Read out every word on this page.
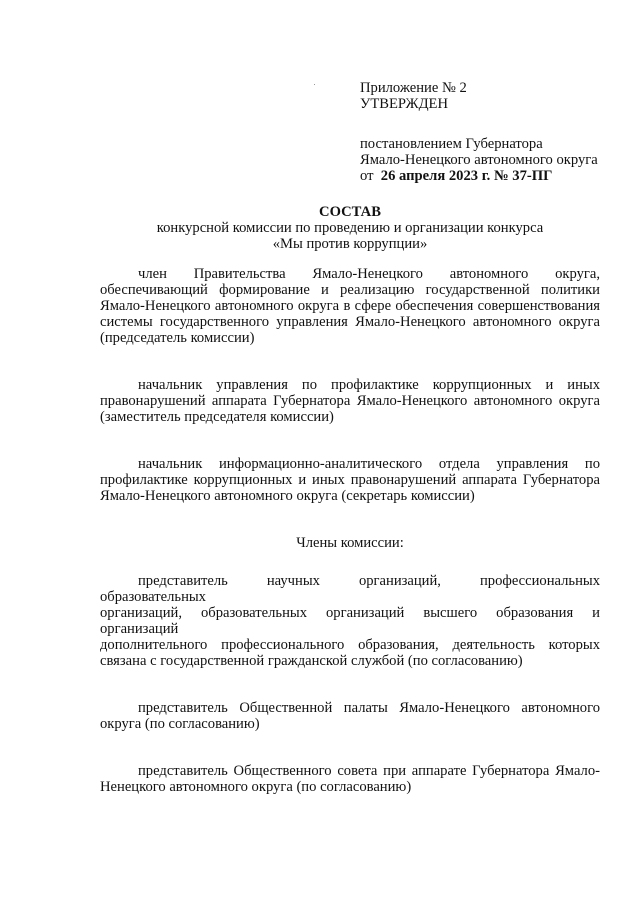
Приложение № 2
УТВЕРЖДЕН
постановлением Губернатора
Ямало-Ненецкого автономного округа
от 26 апреля 2023 г. № 37-ПГ
СОСТАВ
конкурсной комиссии по проведению и организации конкурса
«Мы против коррупции»
член Правительства Ямало-Ненецкого автономного округа,
обеспечивающий формирование и реализацию государственной политики
Ямало-Ненецкого автономного округа в сфере обеспечения совершенствования
системы государственного управления Ямало-Ненецкого автономного округа
(председатель комиссии)
начальник управления по профилактике коррупционных и иных
правонарушений аппарата Губернатора Ямало-Ненецкого автономного округа
(заместитель председателя комиссии)
начальник информационно-аналитического отдела управления по
профилактике коррупционных и иных правонарушений аппарата Губернатора
Ямало-Ненецкого автономного округа (секретарь комиссии)
Члены комиссии:
представитель научных организаций, профессиональных образовательных
организаций, образовательных организаций высшего образования и организаций
дополнительного профессионального образования, деятельность которых
связана с государственной гражданской службой (по согласованию)
представитель Общественной палаты Ямало-Ненецкого автономного
округа (по согласованию)
представитель Общественного совета при аппарате Губернатора Ямало-
Ненецкого автономного округа (по согласованию)
